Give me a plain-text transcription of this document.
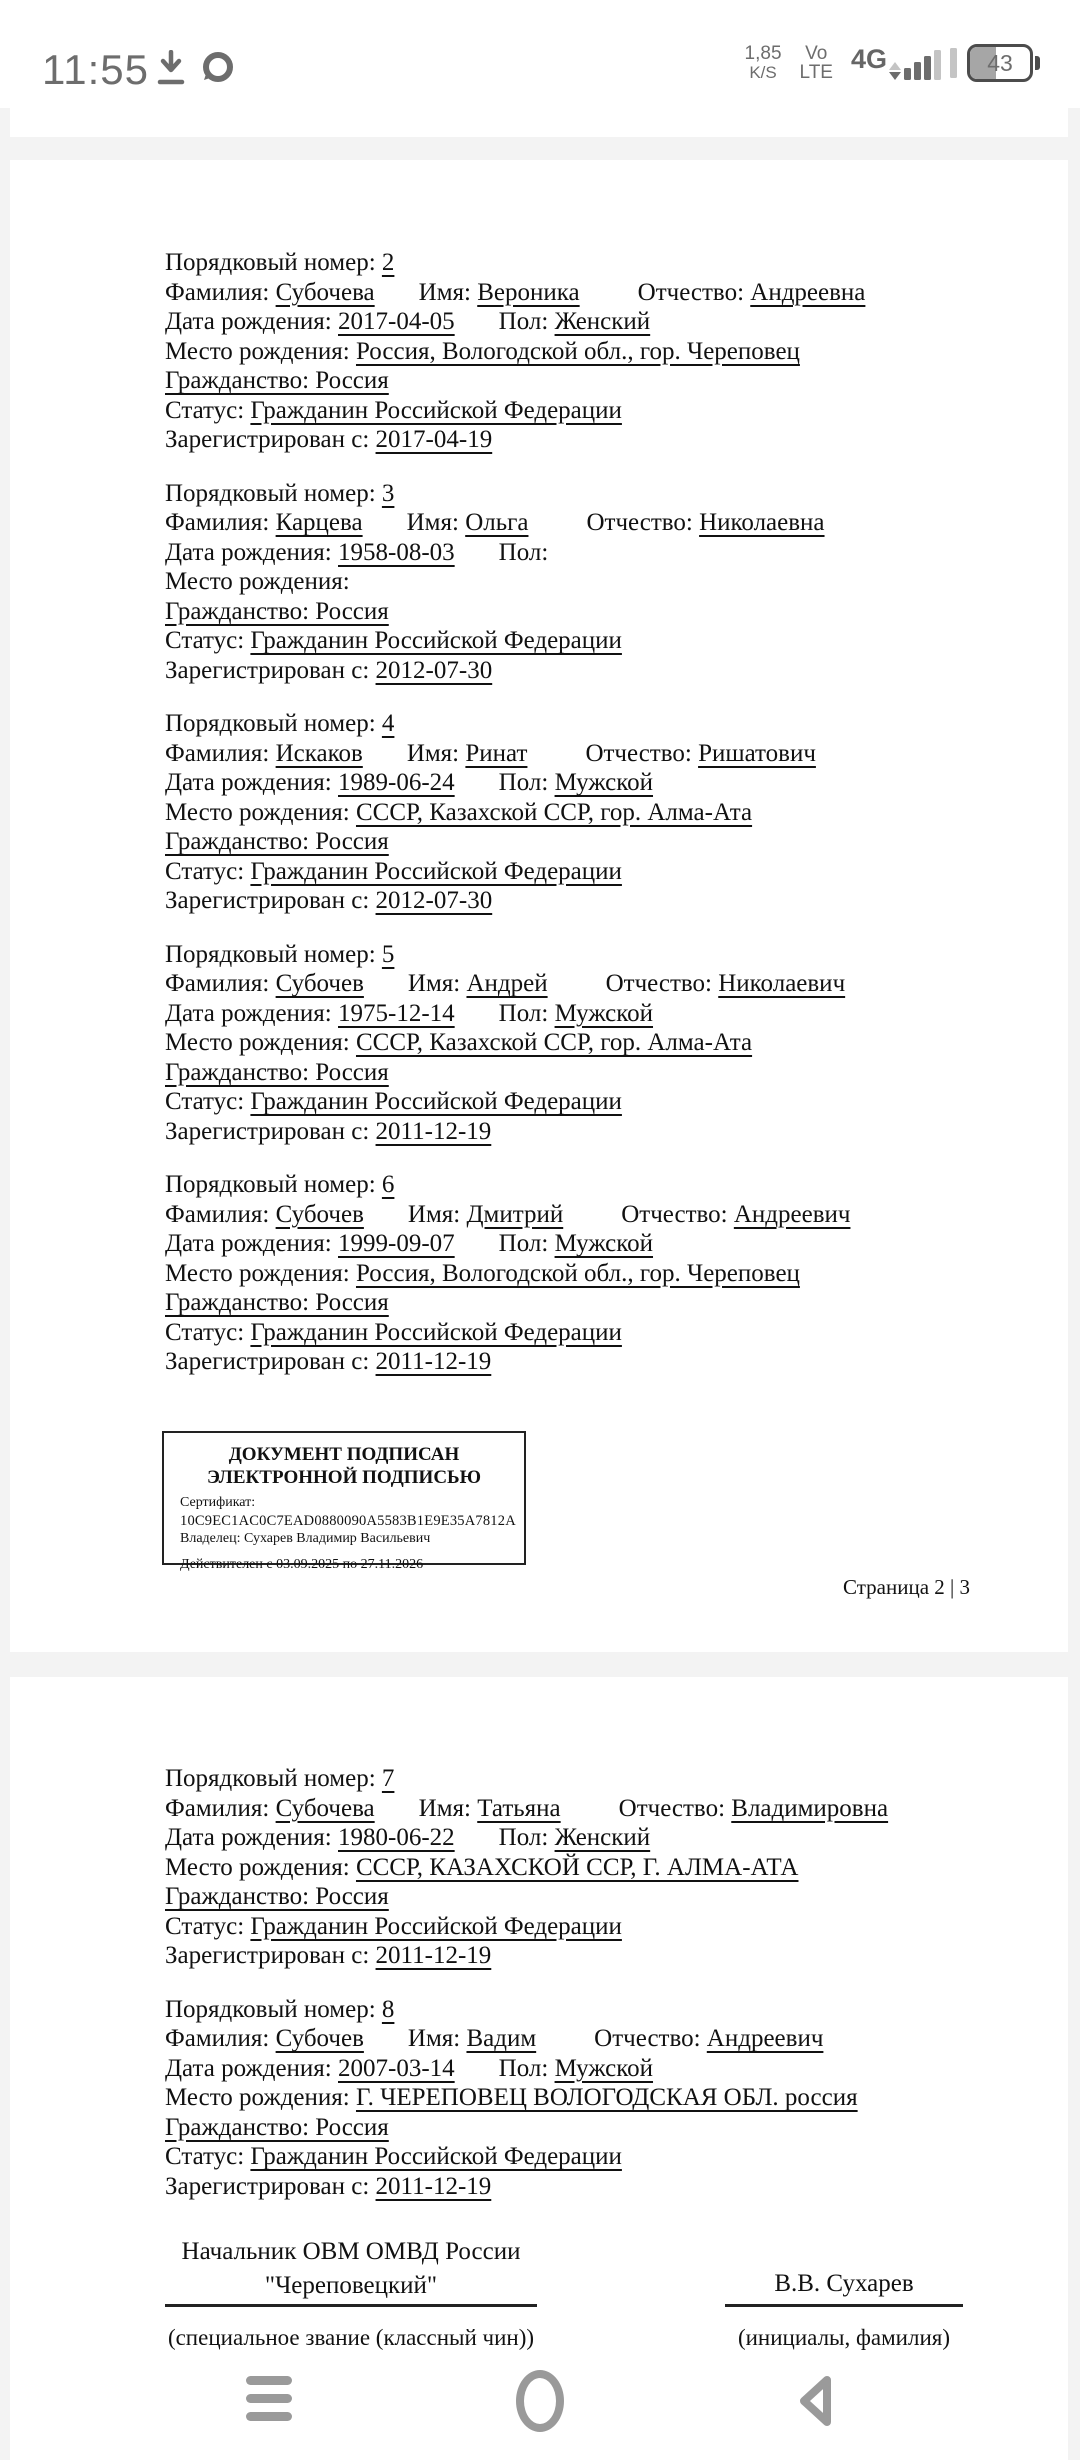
11:55	1,85
K/S
Vo
LTE 4G	43
Порядковый номер: 2
Фамилия: Субочева Имя: Вероника Отчество: Андреевна
Дата рождения: 2017-04-05 Пол: Женский
Место рождения: Россия, Вологодской обл., гор. Череповец
Гражданство: Россия
Статус: Гражданин Российской Федерации
Зарегистрирован с: 2017-04-19
Порядковый номер: 3
Фамилия: Карцева Имя: Ольга Отчество: Николаевна
Дата рождения: 1958-08-03 Пол:
Место рождения:
Гражданство: Россия
Статус: Гражданин Российской Федерации
Зарегистрирован с: 2012-07-30
Порядковый номер: 4
Фамилия: Искаков Имя: Ринат Отчество: Ришатович
Дата рождения: 1989-06-24 Пол: Мужской
Место рождения: СССР, Казахской ССР, гор. Алма-Ата
Гражданство: Россия
Статус: Гражданин Российской Федерации
Зарегистрирован с: 2012-07-30
Порядковый номер: 5
Фамилия: Субочев Имя: Андрей Отчество: Николаевич
Дата рождения: 1975-12-14 Пол: Мужской
Место рождения: СССР, Казахской ССР, гор. Алма-Ата
Гражданство: Россия
Статус: Гражданин Российской Федерации
Зарегистрирован с: 2011-12-19
Порядковый номер: 6
Фамилия: Субочев Имя: Дмитрий Отчество: Андреевич
Дата рождения: 1999-09-07 Пол: Мужской
Место рождения: Россия, Вологодской обл., гор. Череповец
Гражданство: Россия
Статус: Гражданин Российской Федерации
Зарегистрирован с: 2011-12-19
ДОКУМЕНТ ПОДПИСАН
ЭЛЕКТРОННОЙ ПОДПИСЬЮ
Сертификат:
10C9EC1AC0C7EAD0880090A5583B1E9E35A7812A
Владелец: Сухарев Владимир Васильевич
Действителен с 03.09.2025 по 27.11.2026
Страница 2 | 3
Порядковый номер: 7
Фамилия: Субочева Имя: Татьяна Отчество: Владимировна
Дата рождения: 1980-06-22 Пол: Женский
Место рождения: СССР, КАЗАХСКОЙ ССР, Г. АЛМА-АТА
Гражданство: Россия
Статус: Гражданин Российской Федерации
Зарегистрирован с: 2011-12-19
Порядковый номер: 8
Фамилия: Субочев Имя: Вадим Отчество: Андреевич
Дата рождения: 2007-03-14 Пол: Мужской
Место рождения: Г. ЧЕРЕПОВЕЦ ВОЛОГОДСКАЯ ОБЛ. россия
Гражданство: Россия
Статус: Гражданин Российской Федерации
Зарегистрирован с: 2011-12-19
Начальник ОВМ ОМВД России
"Череповецкий"
(специальное звание (классный чин))
В.В. Сухарев
(инициалы, фамилия)
